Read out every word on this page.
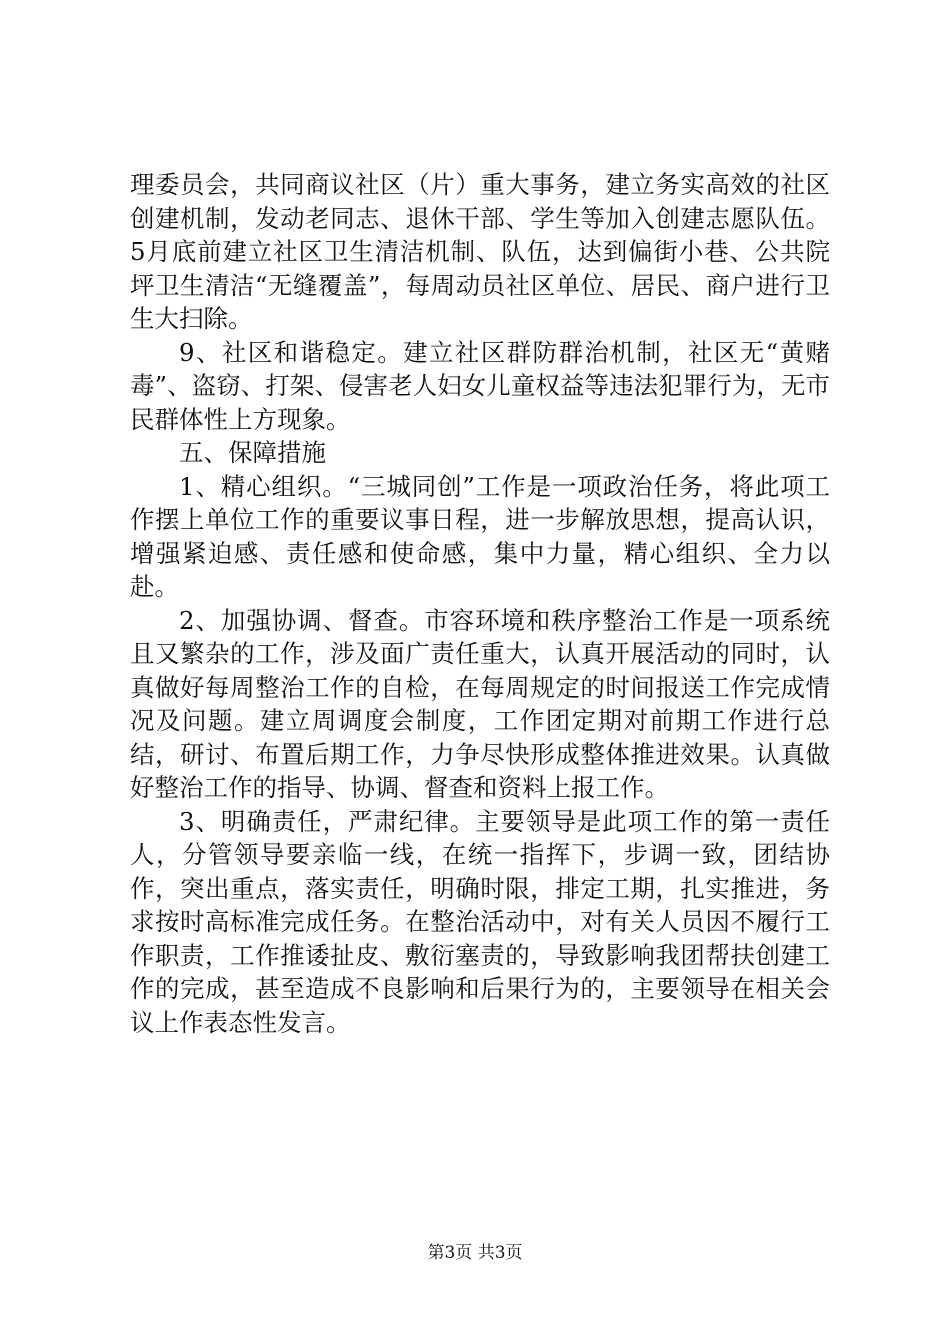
理委员会，共同商议社区（片）重大事务，建立务实高效的社区创建机制，发动老同志、退休干部、学生等加入创建志愿队伍。5月底前建立社区卫生清洁机制、队伍，达到偏街小巷、公共院坪卫生清洁“无缝覆盖”，每周动员社区单位、居民、商户进行卫生大扫除。

9、社区和谐稳定。建立社区群防群治机制，社区无“黄赌毒”、盗窃、打架、侵害老人妇女儿童权益等违法犯罪行为，无市民群体性上方现象。

五、保障措施

1、精心组织。“三城同创”工作是一项政治任务，将此项工作摆上单位工作的重要议事日程，进一步解放思想，提高认识，增强紧迫感、责任感和使命感，集中力量，精心组织、全力以赴。

2、加强协调、督查。市容环境和秩序整治工作是一项系统且又繁杂的工作，涉及面广责任重大，认真开展活动的同时，认真做好每周整治工作的自检，在每周规定的时间报送工作完成情况及问题。建立周调度会制度，工作团定期对前期工作进行总结，研讨、布置后期工作，力争尽快形成整体推进效果。认真做好整治工作的指导、协调、督查和资料上报工作。

3、明确责任，严肃纪律。主要领导是此项工作的第一责任人，分管领导要亲临一线，在统一指挥下，步调一致，团结协作，突出重点，落实责任，明确时限，排定工期，扎实推进，务求按时高标准完成任务。在整治活动中，对有关人员因不履行工作职责，工作推诿扯皮、敷衍塞责的，导致影响我团帮扶创建工作的完成，甚至造成不良影响和后果行为的，主要领导在相关会议上作表态性发言。

第3页 共3页
